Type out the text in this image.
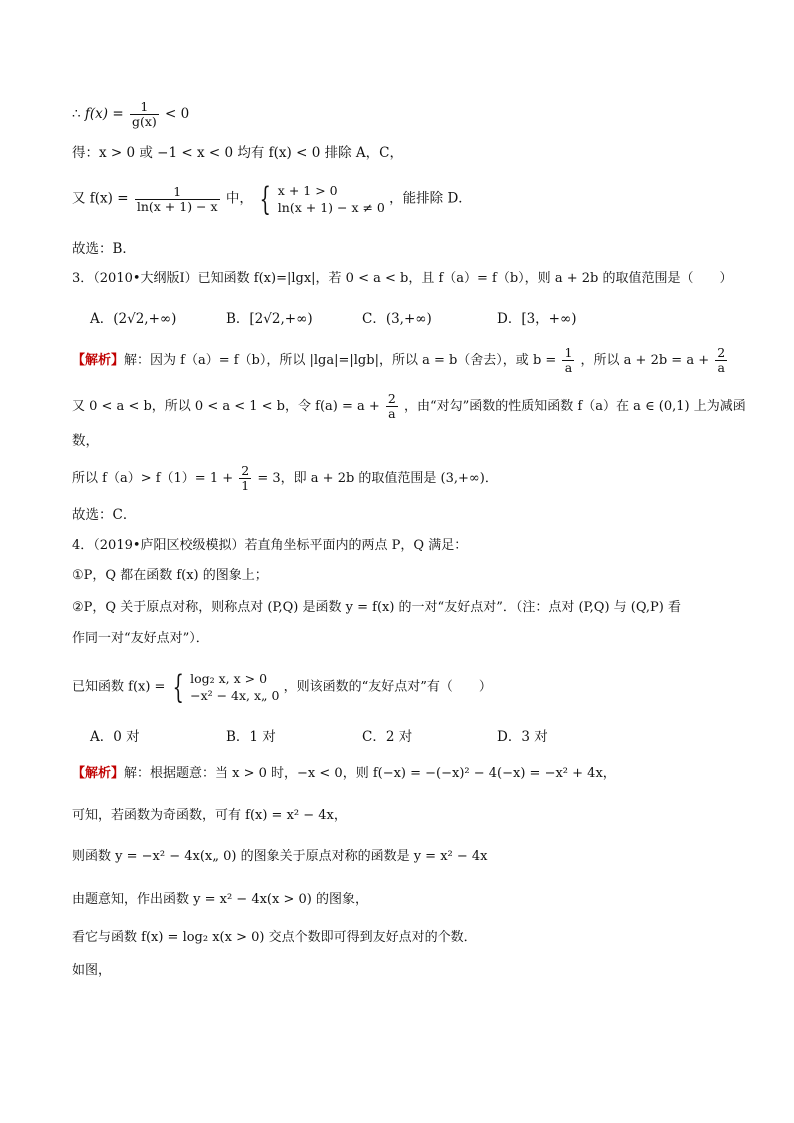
∴ $f(x) = \frac{1}{g(x)} < 0$
得：x > 0 或 −1 < x < 0 均有 f(x) < 0 排除 A，C，
又 $f(x) = \frac{1}{\ln(x + 1) - x}$ 中， { x + 1 > 0
ln(x + 1) − x ≠ 0
，能排除 D．
故选：B．
3．（2010•大纲版Ⅰ）已知函数 f(x)=|lgx|，若 0 < a < b，且 f（a）= f（b），则 a + 2b 的取值范围是（　　）
A．(2√2,+∞)	B．[2√2,+∞)	C．(3,+∞)	D．[3，+∞)
【解析】解：因为 f（a）= f（b），所以 |lga|=|lgb|，所以 a = b（舍去），或 $b = \frac{1}{a}$ ，所以 $a + 2b = a + \frac{2}{a}$
又 0 < a < b，所以 0 < a < 1 < b，令 $f(a) = a + \frac{2}{a}$ ，由“对勾”函数的性质知函数 f（a）在 a ∈ (0,1) 上为减函
数，
所以 $f(a)> f(1)= 1 + \frac{2}{1} = 3$，即 a + 2b 的取值范围是 (3,+∞)．
故选：C．
4．（2019•庐阳区校级模拟）若直角坐标平面内的两点 P，Q 满足：
①P，Q 都在函数 f(x) 的图象上；
②P，Q 关于原点对称，则称点对 (P,Q) 是函数 y = f(x) 的一对“友好点对”．（注：点对 (P,Q) 与 (Q,P) 看
作同一对“友好点对”）．
已知函数 f(x) = { log₂ x, x > 0
−x² − 4x, x„ 0
，则该函数的“友好点对”有（　　）
A．0 对	B．1 对	C．2 对	D．3 对
【解析】解：根据题意：当 x > 0 时，−x < 0，则 f(−x) = −(−x)² − 4(−x) = −x² + 4x，
可知，若函数为奇函数，可有 f(x) = x² − 4x，
则函数 y = −x² − 4x(x„ 0) 的图象关于原点对称的函数是 y = x² − 4x
由题意知，作出函数 y = x² − 4x(x > 0) 的图象，
看它与函数 f(x) = log₂ x(x > 0) 交点个数即可得到友好点对的个数．
如图，
